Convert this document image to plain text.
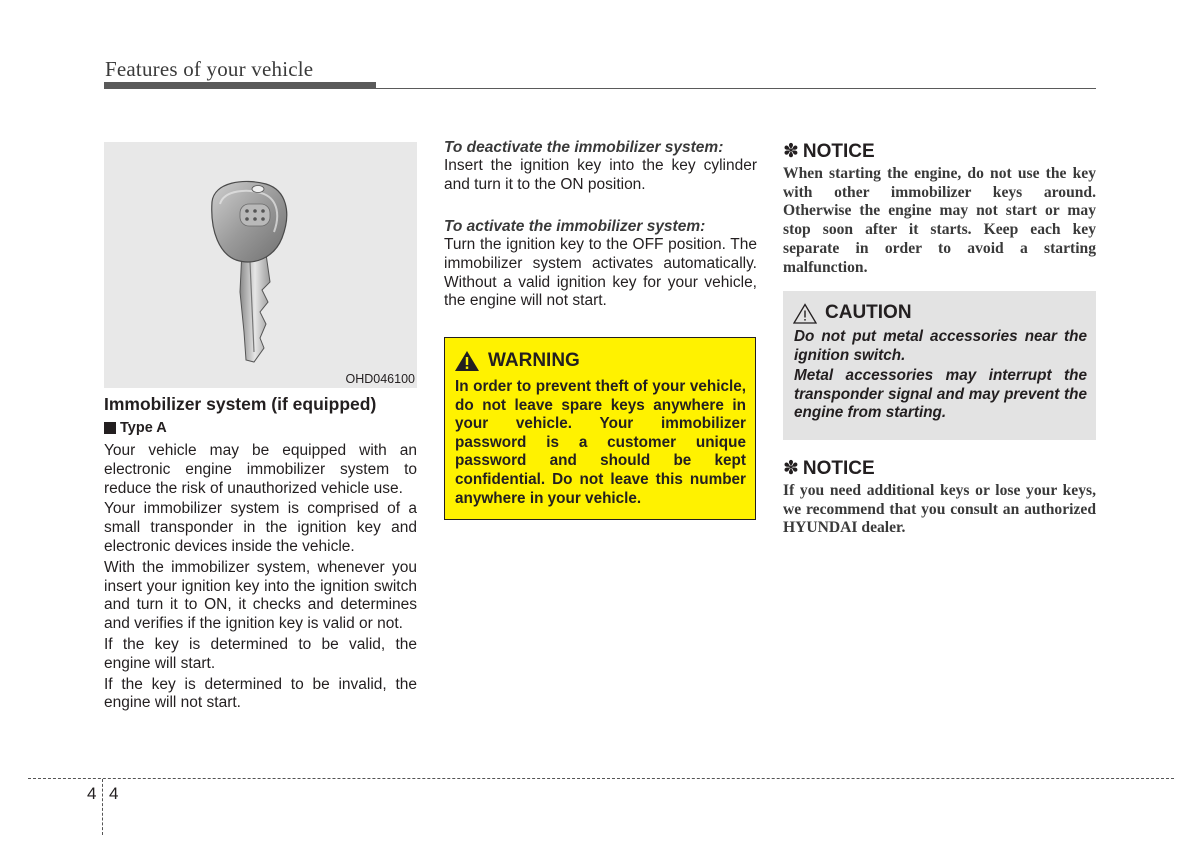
Features of your vehicle
OHD046100
Immobilizer system (if equipped)
Type A

Your vehicle may be equipped with an electronic engine immobilizer system to reduce the risk of unauthorized vehicle use.

Your immobilizer system is comprised of a small transponder in the ignition key and electronic devices inside the vehicle.

With the immobilizer system, whenever you insert your ignition key into the ignition switch and turn it to ON, it checks and determines and verifies if the ignition key is valid or not.

If the key is determined to be valid, the engine will start.

If the key is determined to be invalid, the engine will not start.

To deactivate the immobilizer system:

Insert the ignition key into the key cylinder and turn it to the ON position.

To activate the immobilizer system:

Turn the ignition key to the OFF position. The immobilizer system activates automatically. Without a valid ignition key for your vehicle, the engine will not start.

WARNING

In order to prevent theft of your vehicle, do not leave spare keys anywhere in your vehicle. Your immobilizer password is a customer unique password and should be kept confidential. Do not leave this number anywhere in your vehicle.

✽ NOTICE

When starting the engine, do not use the key with other immobilizer keys around. Otherwise the engine may not start or may stop soon after it starts. Keep each key separate in order to avoid a starting malfunction.

CAUTION

Do not put metal accessories near the ignition switch.

Metal accessories may interrupt the transponder signal and may prevent the engine from starting.

✽ NOTICE

If you need additional keys or lose your keys, we recommend that you consult an authorized HYUNDAI dealer.

4 4
